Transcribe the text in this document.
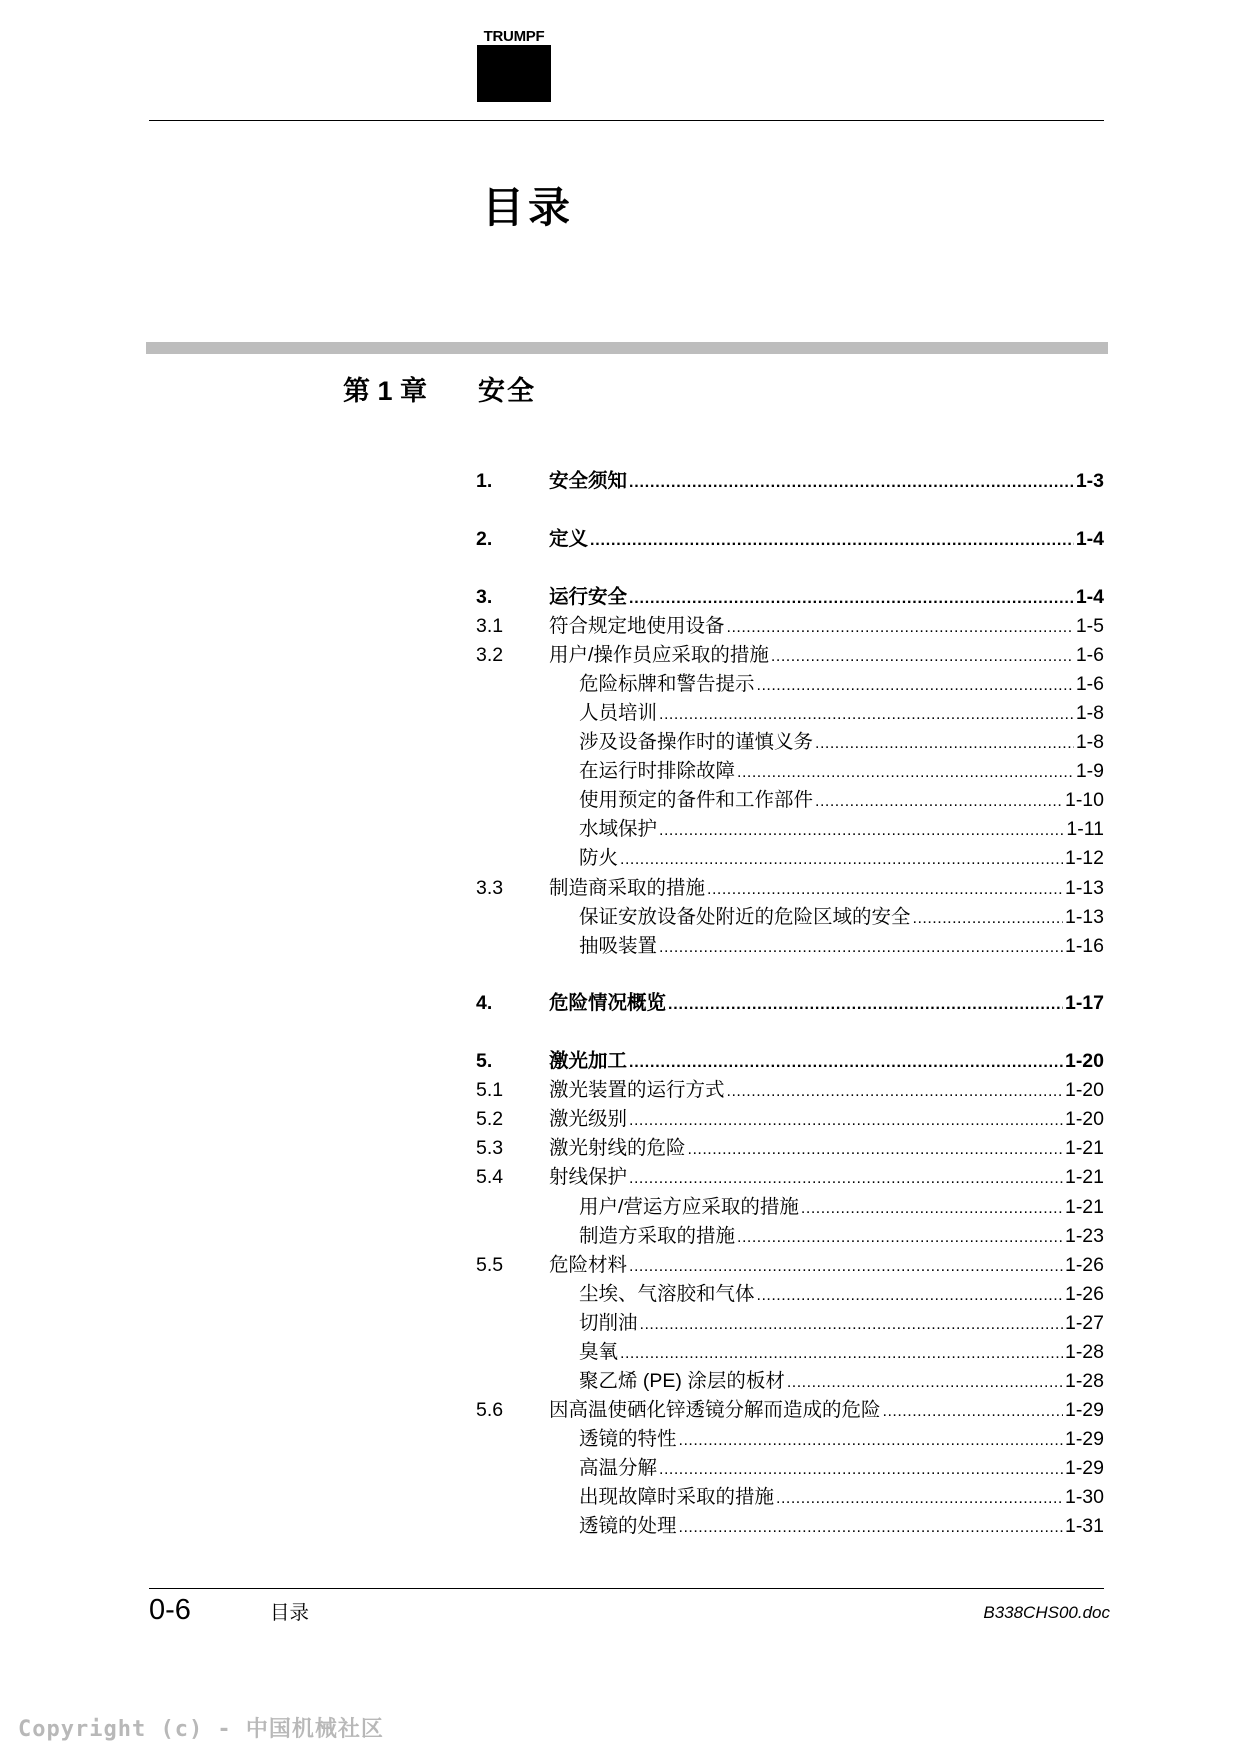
TRUMPF
目录
第 1 章 安全
1.	安全须知 .....	1-3
2.	定义 .....	1-4
3.	运行安全 .....	1-4
3.1	符合规定地使用设备 .....	1-5
3.2	用户/操作员应采取的措施 .....	1-6
危险标牌和警告提示 .....	1-6
人员培训 .....	1-8
涉及设备操作时的谨慎义务 .....	1-8
在运行时排除故障 .....	1-9
使用预定的备件和工作部件 .....	1-10
水域保护 .....	1-11
防火 .....	1-12
3.3	制造商采取的措施 .....	1-13
保证安放设备处附近的危险区域的安全 .....	1-13
抽吸装置 .....	1-16
4.	危险情况概览 .....	1-17
5.	激光加工 .....	1-20
5.1	激光装置的运行方式 .....	1-20
5.2	激光级别 .....	1-20
5.3	激光射线的危险 .....	1-21
5.4	射线保护 .....	1-21
用户/营运方应采取的措施 .....	1-21
制造方采取的措施 .....	1-23
5.5	危险材料 .....	1-26
尘埃、气溶胶和气体 .....	1-26
切削油 .....	1-27
臭氧 .....	1-28
聚乙烯 (PE) 涂层的板材 .....	1-28
5.6	因高温使硒化锌透镜分解而造成的危险 .....	1-29
透镜的特性 .....	1-29
高温分解 .....	1-29
出现故障时采取的措施 .....	1-30
透镜的处理 .....	1-31
0-6	目录	B338CHS00.doc
Copyright (c) - 中国机械社区
